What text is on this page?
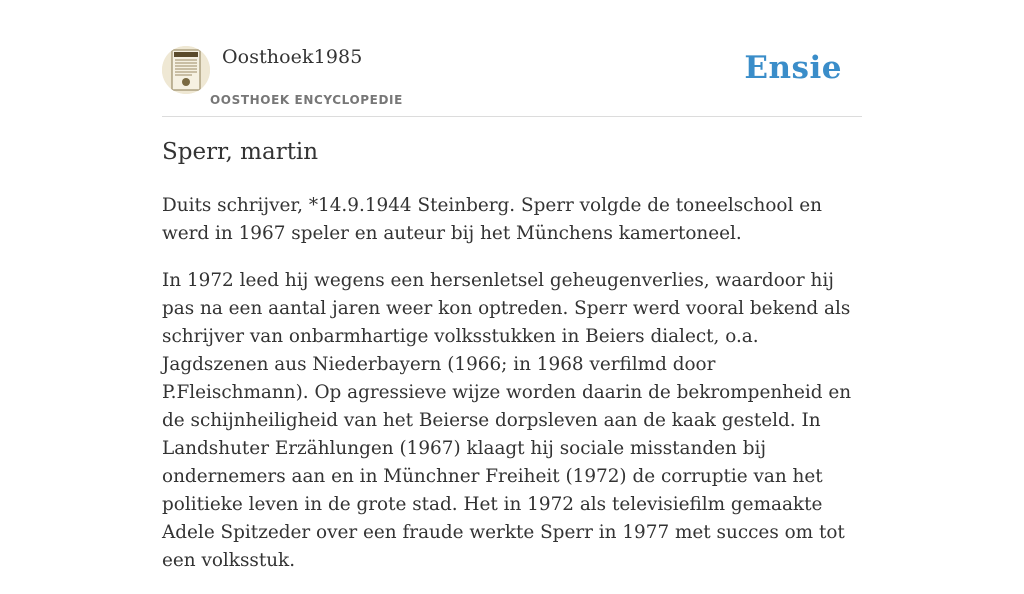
Oosthoek1985
OOSTHOEK ENCYCLOPEDIE
Ensie
Sperr, martin

Duits schrijver, *14.9.1944 Steinberg. Sperr volgde de toneelschool en werd in 1967 speler en auteur bij het Münchens kamertoneel.

In 1972 leed hij wegens een hersenletsel geheugenverlies, waardoor hij pas na een aantal jaren weer kon optreden. Sperr werd vooral bekend als schrijver van onbarmhartige volksstukken in Beiers dialect, o.a. Jagdszenen aus Niederbayern (1966; in 1968 verfilmd door P.Fleischmann). Op agressieve wijze worden daarin de bekrompenheid en de schijnheiligheid van het Beierse dorpsleven aan de kaak gesteld. In Landshuter Erzählungen (1967) klaagt hij sociale misstanden bij ondernemers aan en in Münchner Freiheit (1972) de corruptie van het politieke leven in de grote stad. Het in 1972 als televisiefilm gemaakte Adele Spitzeder over een fraude werkte Sperr in 1977 met succes om tot een volksstuk.
